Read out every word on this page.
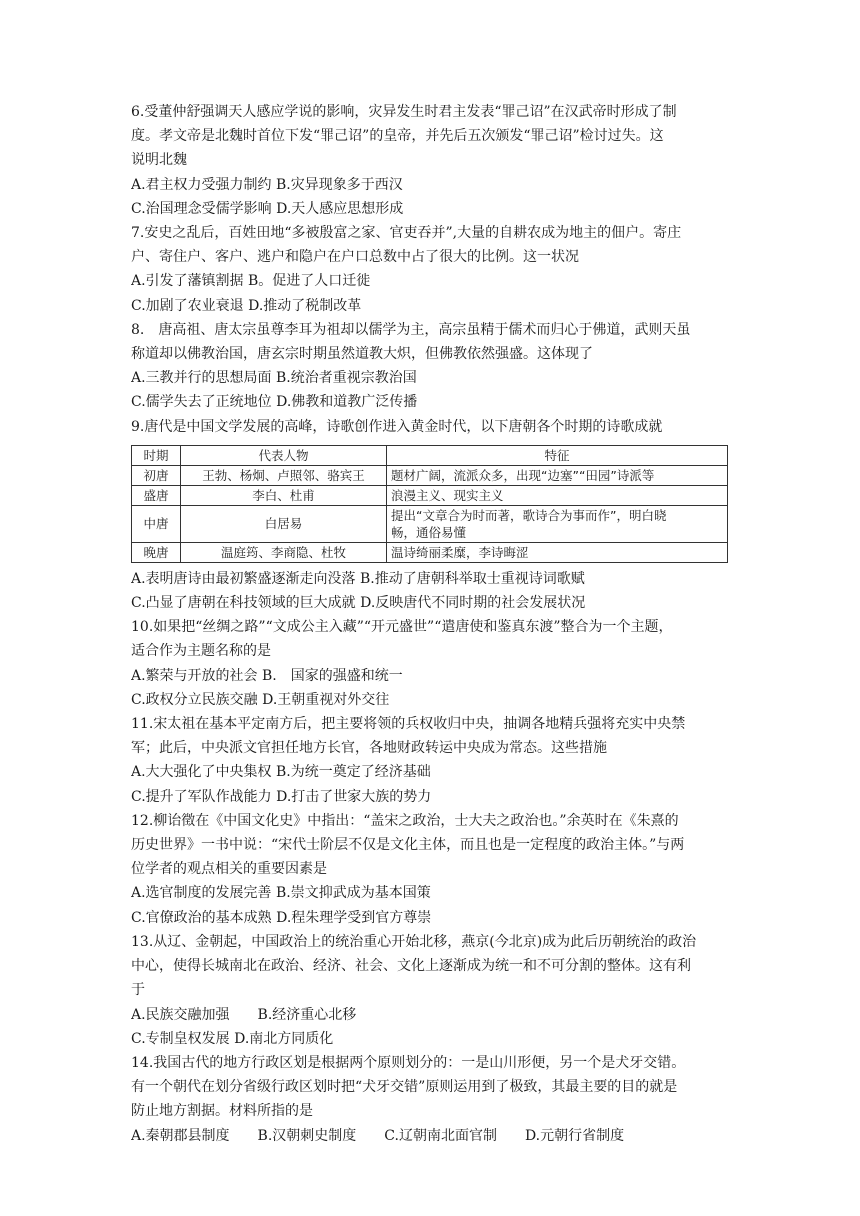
6.受董仲舒强调天人感应学说的影响，灾异发生时君主发表“罪己诏”在汉武帝时形成了制
度。孝文帝是北魏时首位下发“罪己诏”的皇帝，并先后五次颁发“罪己诏”检讨过失。这
说明北魏
A.君主权力受强力制约 B.灾异现象多于西汉
C.治国理念受儒学影响 D.天人感应思想形成
7.安史之乱后，百姓田地“多被殷富之家、官吏吞并”,大量的自耕农成为地主的佃户。寄庄
户、寄住户、客户、逃户和隐户在户口总数中占了很大的比例。这一状况
A.引发了藩镇割据 B。促进了人口迁徙
C.加剧了农业衰退 D.推动了税制改革
8.　唐高祖、唐太宗虽尊李耳为祖却以儒学为主，高宗虽精于儒术而归心于佛道，武则天虽
称道却以佛教治国，唐玄宗时期虽然道教大炽，但佛教依然强盛。这体现了
A.三教并行的思想局面 B.统治者重视宗教治国
C.儒学失去了正统地位 D.佛教和道教广泛传播
9.唐代是中国文学发展的高峰，诗歌创作进入黄金时代，以下唐朝各个时期的诗歌成就
时期	代表人物	特征
初唐	王勃、杨炯、卢照邻、骆宾王	题材广阔，流派众多，出现“边塞”“田园”诗派等
盛唐	李白、杜甫	浪漫主义、现实主义
中唐	白居易	提出“文章合为时而著，歌诗合为事而作”，明白晓
畅，通俗易懂

晚唐	温庭筠、李商隐、杜牧	温诗绮丽柔糜，李诗晦涩
A.表明唐诗由最初繁盛逐渐走向没落 B.推动了唐朝科举取士重视诗词歌赋
C.凸显了唐朝在科技领域的巨大成就 D.反映唐代不同时期的社会发展状况
10.如果把“丝绸之路”“文成公主入藏”“开元盛世”“遣唐使和鉴真东渡”整合为一个主题，
适合作为主题名称的是
A.繁荣与开放的社会 B.　国家的强盛和统一
C.政权分立民族交融 D.王朝重视对外交往
11.宋太祖在基本平定南方后，把主要将领的兵权收归中央，抽调各地精兵强将充实中央禁
军；此后，中央派文官担任地方长官，各地财政转运中央成为常态。这些措施
A.大大强化了中央集权 B.为统一奠定了经济基础
C.提升了军队作战能力 D.打击了世家大族的势力
12.柳诒徵在《中国文化史》中指出：“盖宋之政治，士大夫之政治也。”余英时在《朱熹的
历史世界》一书中说：“宋代士阶层不仅是文化主体，而且也是一定程度的政治主体。”与两
位学者的观点相关的重要因素是
A.选官制度的发展完善 B.崇文抑武成为基本国策
C.官僚政治的基本成熟 D.程朱理学受到官方尊崇
13.从辽、金朝起，中国政治上的统治重心开始北移，燕京(今北京)成为此后历朝统治的政治
中心，使得长城南北在政治、经济、社会、文化上逐渐成为统一和不可分割的整体。这有利
于
A.民族交融加强　　B.经济重心北移
C.专制皇权发展 D.南北方同质化
14.我国古代的地方行政区划是根据两个原则划分的：一是山川形便，另一个是犬牙交错。
有一个朝代在划分省级行政区划时把“犬牙交错”原则运用到了极致，其最主要的目的就是
防止地方割据。材料所指的是
A.秦朝郡县制度　　B.汉朝刺史制度　　C.辽朝南北面官制　　D.元朝行省制度
